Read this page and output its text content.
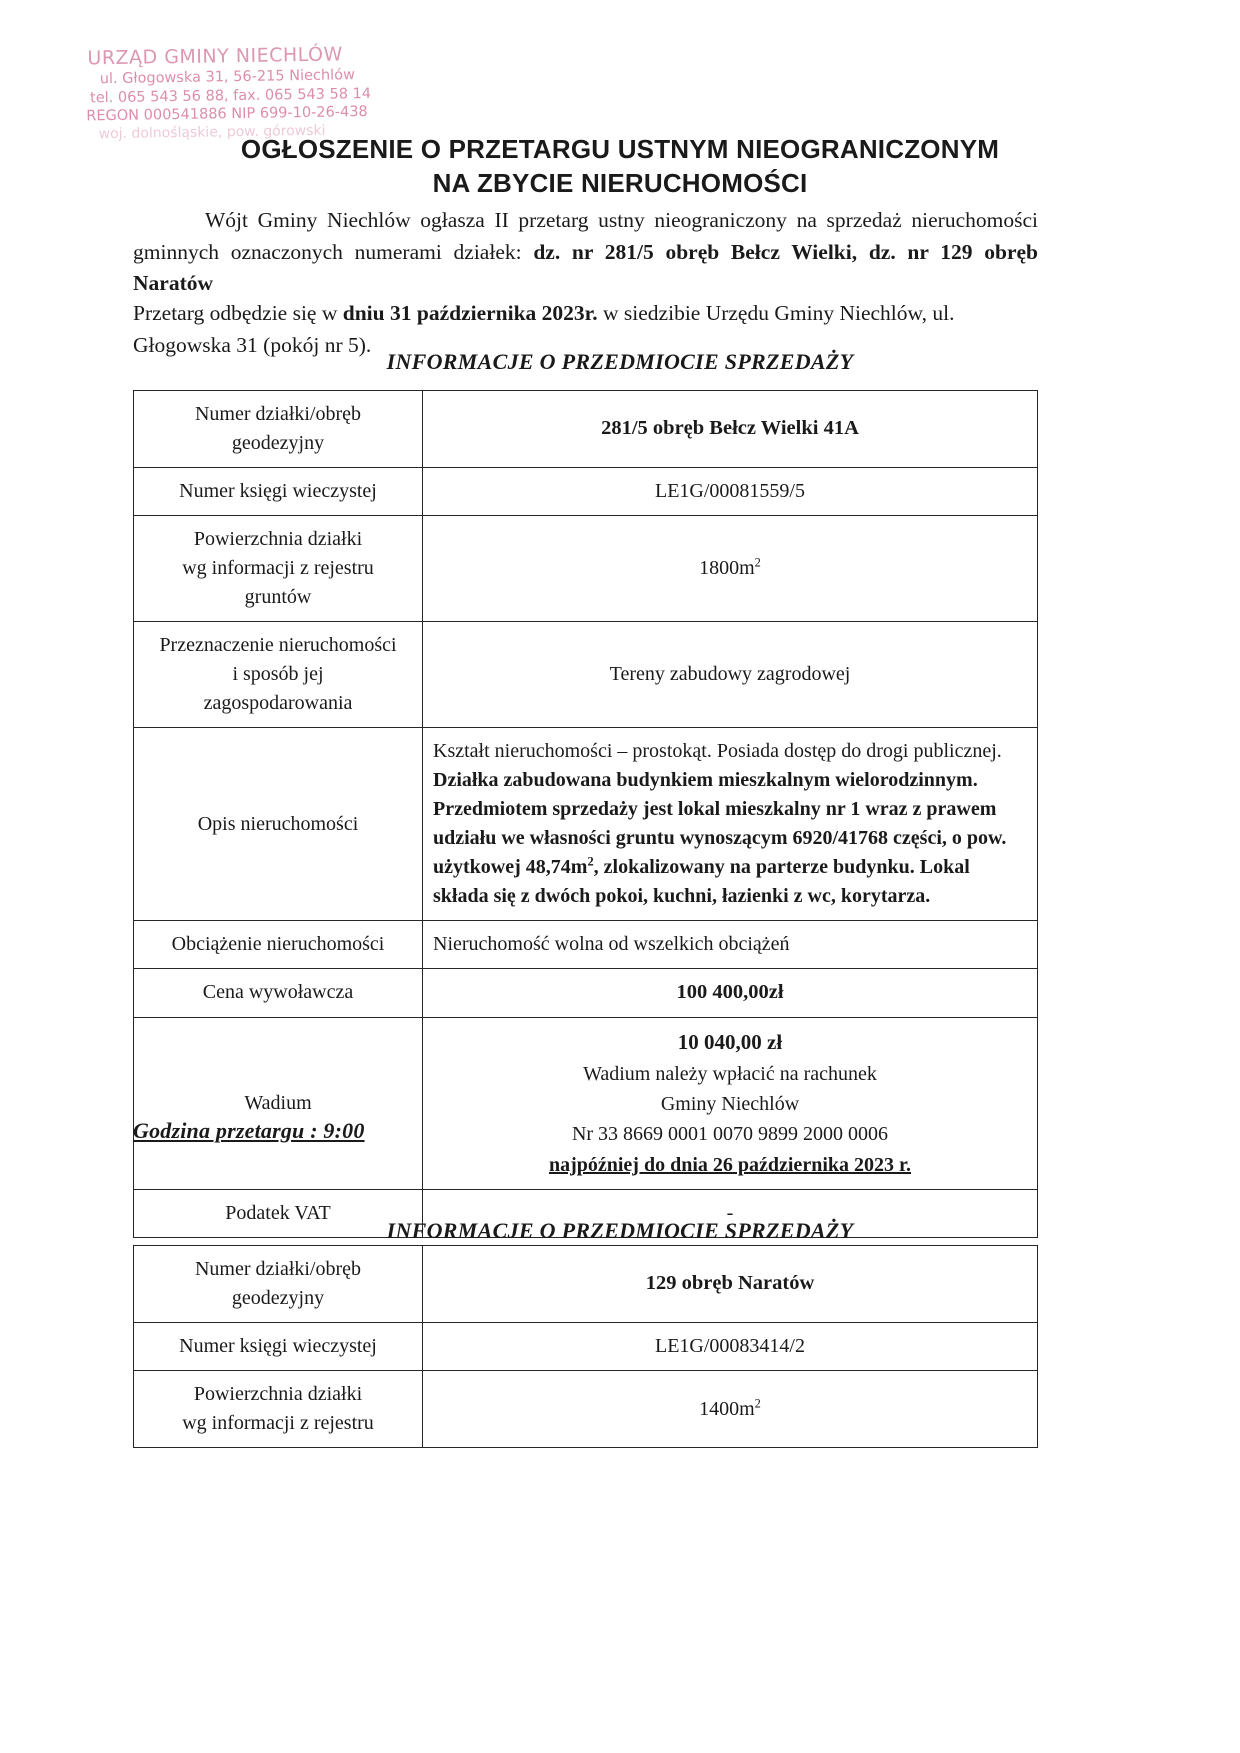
URZĄD GMINY NIECHLÓW
ul. Głogowska 31, 56-215 Niechlów
tel. 065 543 56 88, fax. 065 543 58 14
REGON 000541886 NIP 699-10-26-438
woj. dolnośląskie, pow. górowski
OGŁOSZENIE O PRZETARGU USTNYM NIEOGRANICZONYM
NA ZBYCIE NIERUCHOMOŚCI
Wójt Gminy Niechlów ogłasza II przetarg ustny nieograniczony na sprzedaż nieruchomości gminnych oznaczonych numerami działek: dz. nr 281/5 obręb Bełcz Wielki, dz. nr 129 obręb Naratów
Przetarg odbędzie się w dniu 31 października 2023r. w siedzibie Urzędu Gminy Niechlów, ul. Głogowska 31 (pokój nr 5).
INFORMACJE O PRZEDMIOCIE SPRZEDAŻY
Numer działki/obręb
geodezyjny	281/5 obręb Bełcz Wielki 41A
Numer księgi wieczystej	LE1G/00081559/5
Powierzchnia działki
wg informacji z rejestru
gruntów	$1800m^2$
Przeznaczenie nieruchomości
i sposób jej
zagospodarowania	Tereny zabudowy zagrodowej
Opis nieruchomości	Kształt nieruchomości – prostokąt. Posiada dostęp do drogi publicznej. Działka zabudowana budynkiem mieszkalnym wielorodzinnym. Przedmiotem sprzedaży jest lokal mieszkalny nr 1 wraz z prawem udziału we własności gruntu wynoszącym 6920/41768 części, o pow. użytkowej $48,74m^2$, zlokalizowany na parterze budynku. Lokal składa się z dwóch pokoi, kuchni, łazienki z wc, korytarza.
Obciążenie nieruchomości	Nieruchomość wolna od wszelkich obciążeń
Cena wywoławcza	100 400,00zł
Wadium	10 040,00 zł
Wadium należy wpłacić na rachunek
Gminy Niechlów
Nr 33 8669 0001 0070 9899 2000 0006
najpóźniej do dnia 26 października 2023 r.

Podatek VAT	-
Godzina przetargu : 9:00
INFORMACJE O PRZEDMIOCIE SPRZEDAŻY
Numer działki/obręb
geodezyjny	129 obręb Naratów
Numer księgi wieczystej	LE1G/00083414/2
Powierzchnia działki
wg informacji z rejestru	$1400m^2$
